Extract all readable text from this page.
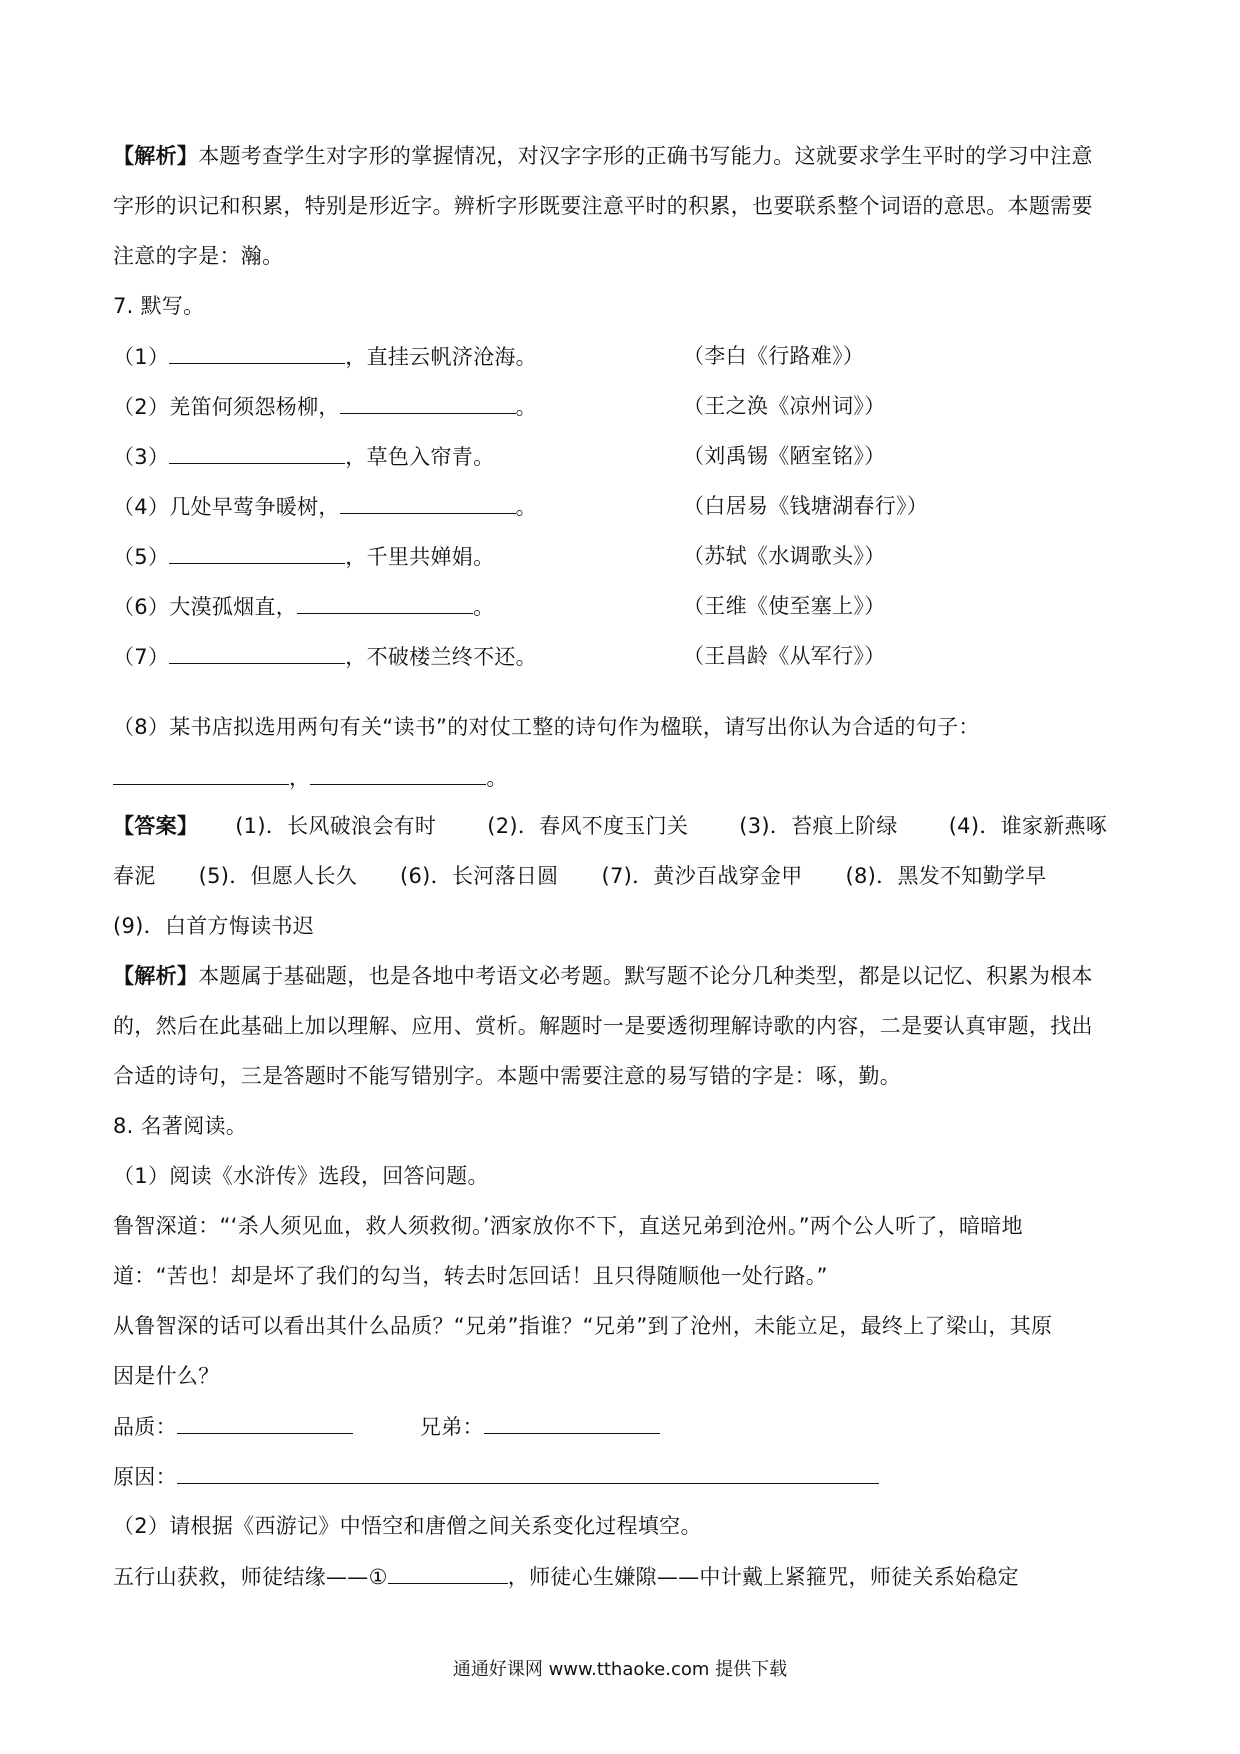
【解析】本题考查学生对字形的掌握情况，对汉字字形的正确书写能力。这就要求学生平时的学习中注意
字形的识记和积累，特别是形近字。辨析字形既要注意平时的积累，也要联系整个词语的意思。本题需要
注意的字是：瀚。
7. 默写。
（1）	，直挂云帆济沧海。	（李白《行路难》）
（2）羌笛何须怨杨柳，	。	（王之涣《凉州词》）
（3）	，草色入帘青。	（刘禹锡《陋室铭》）
（4）几处早莺争暖树，	。	（白居易《钱塘湖春行》）
（5）	，千里共婵娟。	（苏轼《水调歌头》）
（6）大漠孤烟直，	。	（王维《使至塞上》）
（7）	，不破楼兰终不还。	（王昌龄《从军行》）
（8）某书店拟选用两句有关“读书”的对仗工整的诗句作为楹联，请写出你认为合适的句子：
，	。
【答案】 (1)．长风破浪会有时 (2)．春风不度玉门关 (3)．苔痕上阶绿 (4)．谁家新燕啄
春泥 (5)．但愿人长久 (6)．长河落日圆 (7)．黄沙百战穿金甲 (8)．黑发不知勤学早
(9)．白首方悔读书迟
【解析】本题属于基础题，也是各地中考语文必考题。默写题不论分几种类型，都是以记忆、积累为根本
的，然后在此基础上加以理解、应用、赏析。解题时一是要透彻理解诗歌的内容，二是要认真审题，找出
合适的诗句，三是答题时不能写错别字。本题中需要注意的易写错的字是：啄，勤。
8. 名著阅读。
（1）阅读《水浒传》选段，回答问题。
鲁智深道：“‘杀人须见血，救人须救彻。’洒家放你不下，直送兄弟到沧州。”两个公人听了，暗暗地
道：“苦也！却是坏了我们的勾当，转去时怎回话！且只得随顺他一处行路。”
从鲁智深的话可以看出其什么品质？“兄弟”指谁？“兄弟”到了沧州，未能立足，最终上了梁山，其原
因是什么？
品质：	兄弟：
原因：
（2）请根据《西游记》中悟空和唐僧之间关系变化过程填空。
五行山获救，师徒结缘——①	，师徒心生嫌隙——中计戴上紧箍咒，师徒关系始稳定
通通好课网 www.tthaoke.com 提供下载
